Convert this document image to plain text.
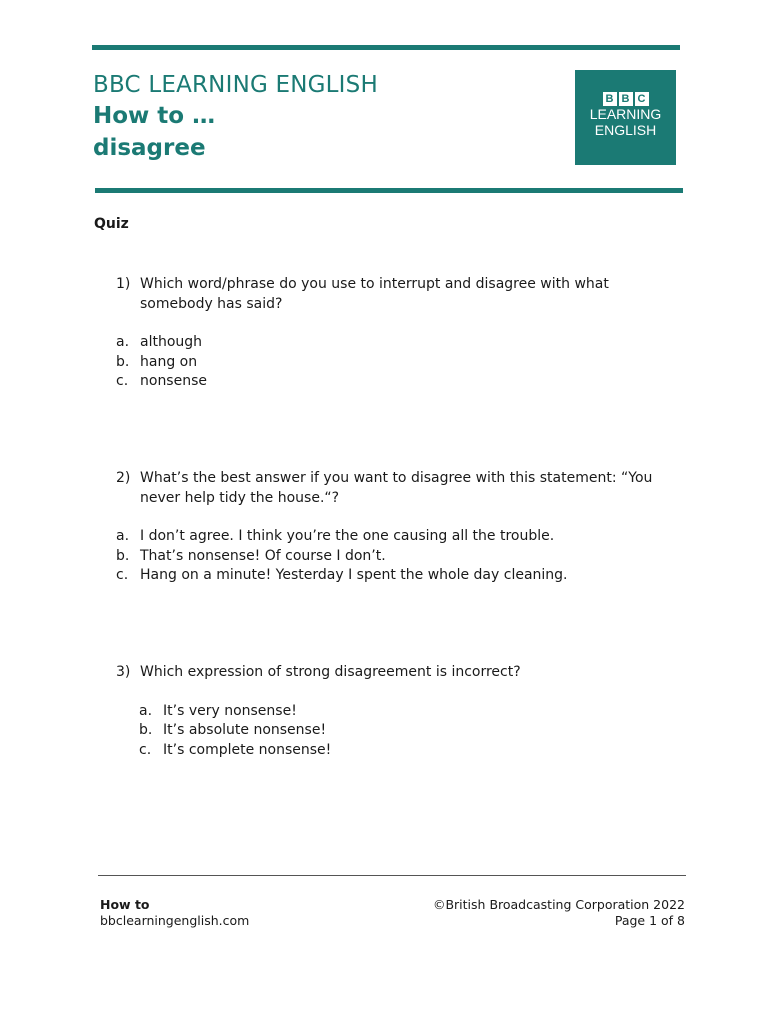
BBC LEARNING ENGLISH
How to …
disagree
B B C
LEARNING
ENGLISH
Quiz
1) Which word/phrase do you use to interrupt and disagree with what somebody has said?
a. although
b. hang on
c. nonsense
2) What’s the best answer if you want to disagree with this statement: “You never help tidy the house.“?
a. I don’t agree. I think you’re the one causing all the trouble.
b. That’s nonsense! Of course I don’t.
c. Hang on a minute! Yesterday I spent the whole day cleaning.
3) Which expression of strong disagreement is incorrect?
a. It’s very nonsense!
b. It’s absolute nonsense!
c. It’s complete nonsense!
How to
bbclearningenglish.com
©British Broadcasting Corporation 2022
Page 1 of 8
